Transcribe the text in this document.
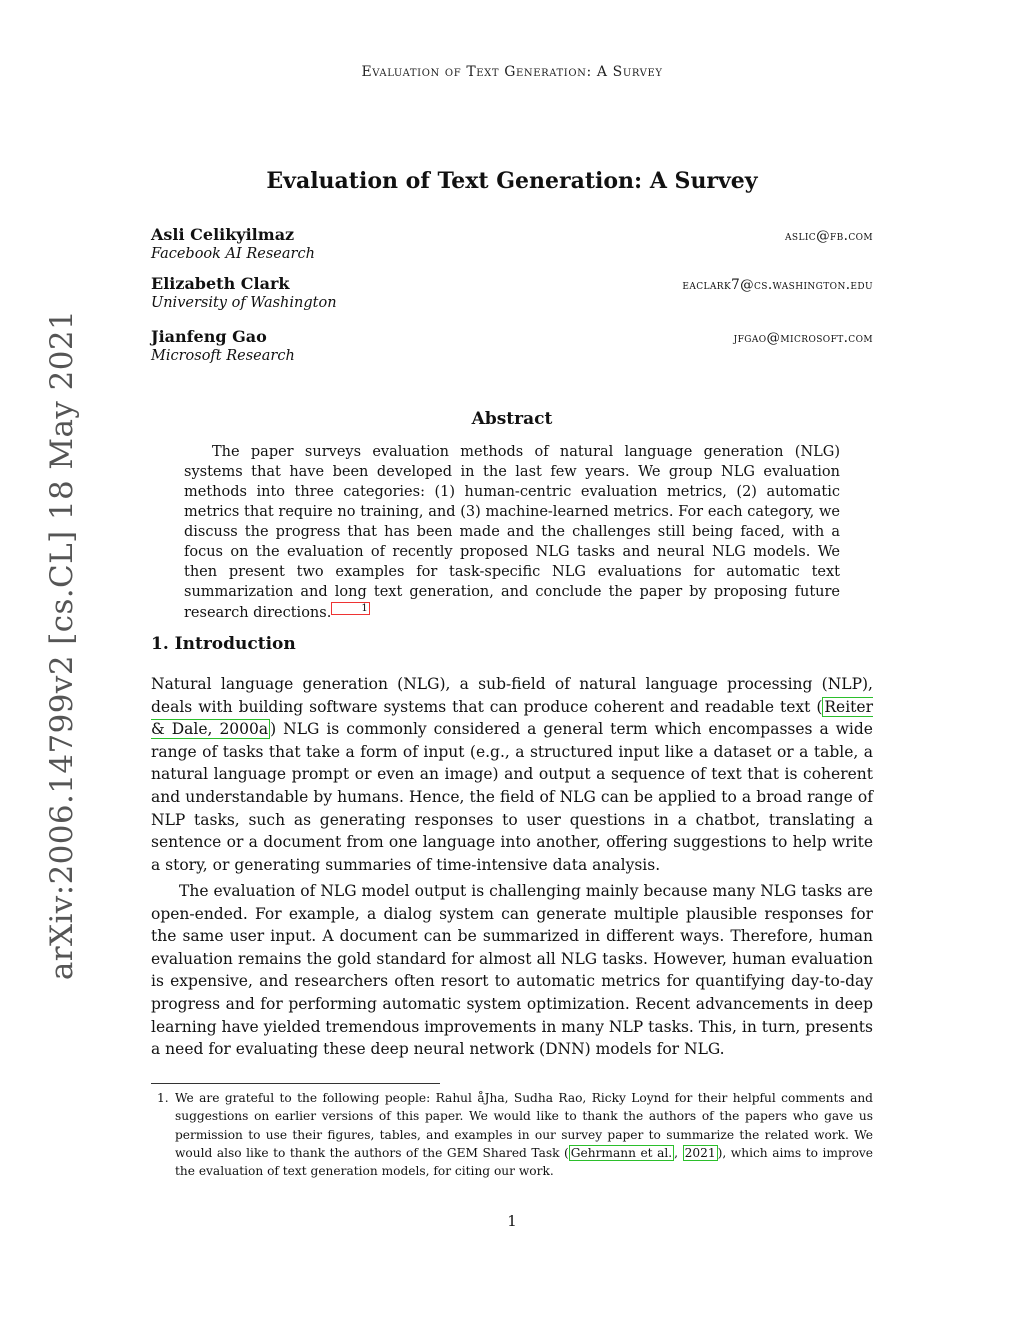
Evaluation of Text Generation: A Survey
arXiv:2006.14799v2 [cs.CL] 18 May 2021
Evaluation of Text Generation: A Survey
Asli Celikyilmaz	aslic@fb.com
Facebook AI Research
Elizabeth Clark	eaclark7@cs.washington.edu
University of Washington
Jianfeng Gao	jfgao@microsoft.com
Microsoft Research
Abstract
The paper surveys evaluation methods of natural language generation (NLG) systems that have been developed in the last few years. We group NLG evaluation methods into three categories: (1) human-centric evaluation metrics, (2) automatic metrics that require no training, and (3) machine-learned metrics. For each category, we discuss the progress that has been made and the challenges still being faced, with a focus on the evaluation of recently proposed NLG tasks and neural NLG models. We then present two examples for task-specific NLG evaluations for automatic text summarization and long text generation, and conclude the paper by proposing future research directions.	1
1. Introduction

Natural language generation (NLG), a sub-field of natural language processing (NLP), deals with building software systems that can produce coherent and readable text ( Reiter & Dale, 2000a ) NLG is commonly considered a general term which encompasses a wide range of tasks that take a form of input (e.g., a structured input like a dataset or a table, a natural language prompt or even an image) and output a sequence of text that is coherent and understandable by humans. Hence, the field of NLG can be applied to a broad range of NLP tasks, such as generating responses to user questions in a chatbot, translating a sentence or a document from one language into another, offering suggestions to help write a story, or generating summaries of time-intensive data analysis.

The evaluation of NLG model output is challenging mainly because many NLG tasks are open-ended. For example, a dialog system can generate multiple plausible responses for the same user input. A document can be summarized in different ways. Therefore, human evaluation remains the gold standard for almost all NLG tasks. However, human evaluation is expensive, and researchers often resort to automatic metrics for quantifying day-to-day progress and for performing automatic system optimization. Recent advancements in deep learning have yielded tremendous improvements in many NLP tasks. This, in turn, presents a need for evaluating these deep neural network (DNN) models for NLG.

1. We are grateful to the following people: Rahul åJha, Sudha Rao, Ricky Loynd for their helpful comments and suggestions on earlier versions of this paper. We would like to thank the authors of the papers who gave us permission to use their figures, tables, and examples in our survey paper to summarize the related work. We would also like to thank the authors of the GEM Shared Task ( Gehrmann et al. , 2021 ), which aims to improve the evaluation of text generation models, for citing our work.
1
